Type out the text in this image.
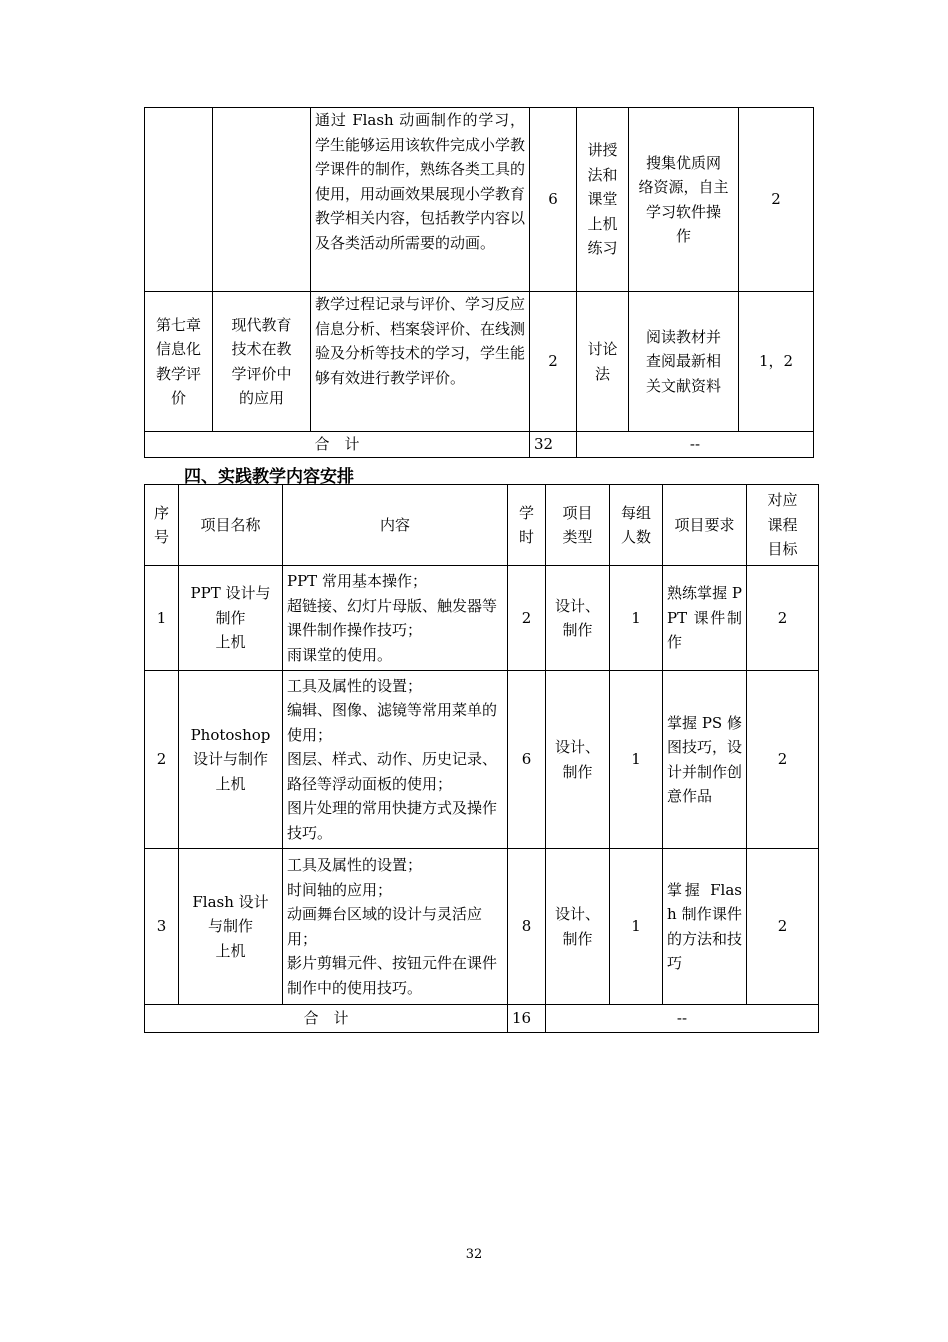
		通过 Flash 动画制作的学习，学生能够运用该软件完成小学教学课件的制作，熟练各类工具的使用，用动画效果展现小学教育教学相关内容，包括教学内容以及各类活动所需要的动画。	6	讲授
法和
课堂
上机
练习	搜集优质网
络资源，自主
学习软件操
作	2
第七章
信息化
教学评
价	现代教育
技术在教
学评价中
的应用	教学过程记录与评价、学习反应信息分析、档案袋评价、在线测验及分析等技术的学习，学生能够有效进行教学评价。	2	讨论
法	阅读教材并
查阅最新相
关文献资料	1，2
合　计			32	--		
四、实践教学内容安排
序
号	项目名称	内容	学
时	项目
类型	每组
人数	项目要求	对应
课程
目标
1	PPT 设计与
制作
上机	PPT 常用基本操作；
超链接、幻灯片母版、触发器等课件制作操作技巧；
雨课堂的使用。	2	设计、
制作	1	熟练掌握 PPT 课件制作	2
2	Photoshop
设计与制作
上机	工具及属性的设置；
编辑、图像、滤镜等常用菜单的使用；
图层、样式、动作、历史记录、路径等浮动面板的使用；
图片处理的常用快捷方式及操作技巧。	6	设计、
制作	1	掌握 PS 修图技巧，设计并制作创意作品	2
3	Flash 设计
与制作
上机	工具及属性的设置；
时间轴的应用；
动画舞台区域的设计与灵活应用；
影片剪辑元件、按钮元件在课件制作中的使用技巧。	8	设计、
制作	1	掌握 Flash 制作课件的方法和技巧	2
合　计			16	--			
32
